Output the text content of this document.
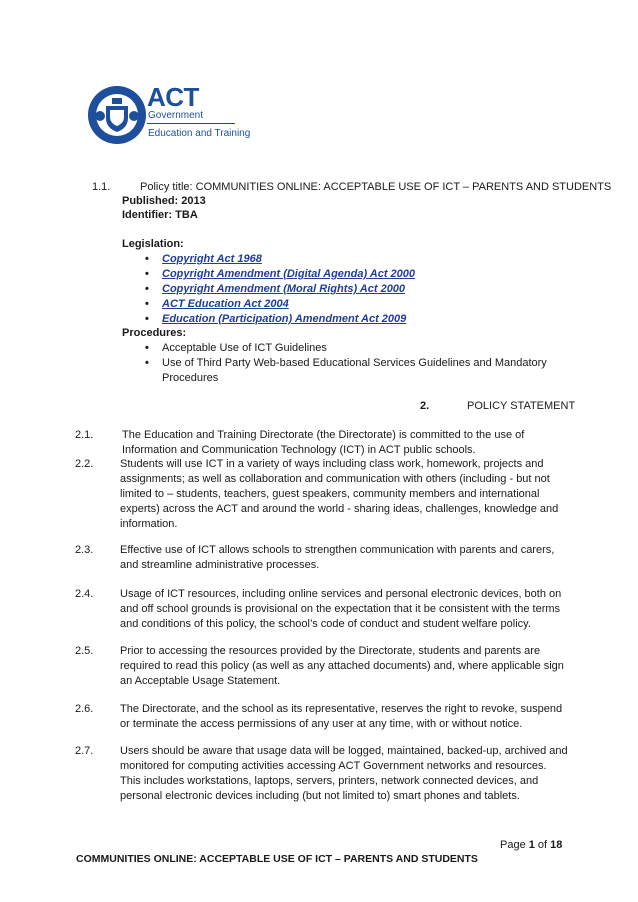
ACT
Government
Education and Training
1.1.	Policy title: COMMUNITIES ONLINE: ACCEPTABLE USE OF ICT – PARENTS AND STUDENTS
Published: 2013
Identifier: TBA
Legislation:
• Copyright Act 1968
• Copyright Amendment (Digital Agenda) Act 2000
• Copyright Amendment (Moral Rights) Act 2000
• ACT Education Act 2004
• Education (Participation) Amendment Act 2009
Procedures:
• Acceptable Use of ICT Guidelines
• Use of Third Party Web-based Educational Services Guidelines and Mandatory
Procedures
2.	POLICY STATEMENT
2.1.	The Education and Training Directorate (the Directorate) is committed to the use of
Information and Communication Technology (ICT) in ACT public schools.
2.2. Students will use ICT in a variety of ways including class work, homework, projects and
assignments; as well as collaboration and communication with others (including - but not
limited to – students, teachers, guest speakers, community members and international
experts) across the ACT and around the world - sharing ideas, challenges, knowledge and
information.
2.3. Effective use of ICT allows schools to strengthen communication with parents and carers,
and streamline administrative processes.
2.4. Usage of ICT resources, including online services and personal electronic devices, both on
and off school grounds is provisional on the expectation that it be consistent with the terms
and conditions of this policy, the school’s code of conduct and student welfare policy.
2.5. Prior to accessing the resources provided by the Directorate, students and parents are
required to read this policy (as well as any attached documents) and, where applicable sign
an Acceptable Usage Statement.
2.6. The Directorate, and the school as its representative, reserves the right to revoke, suspend
or terminate the access permissions of any user at any time, with or without notice.
2.7. Users should be aware that usage data will be logged, maintained, backed-up, archived and
monitored for computing activities accessing ACT Government networks and resources.
This includes workstations, laptops, servers, printers, network connected devices, and
personal electronic devices including (but not limited to) smart phones and tablets.
Page 1 of 18
COMMUNITIES ONLINE: ACCEPTABLE USE OF ICT – PARENTS AND STUDENTS
